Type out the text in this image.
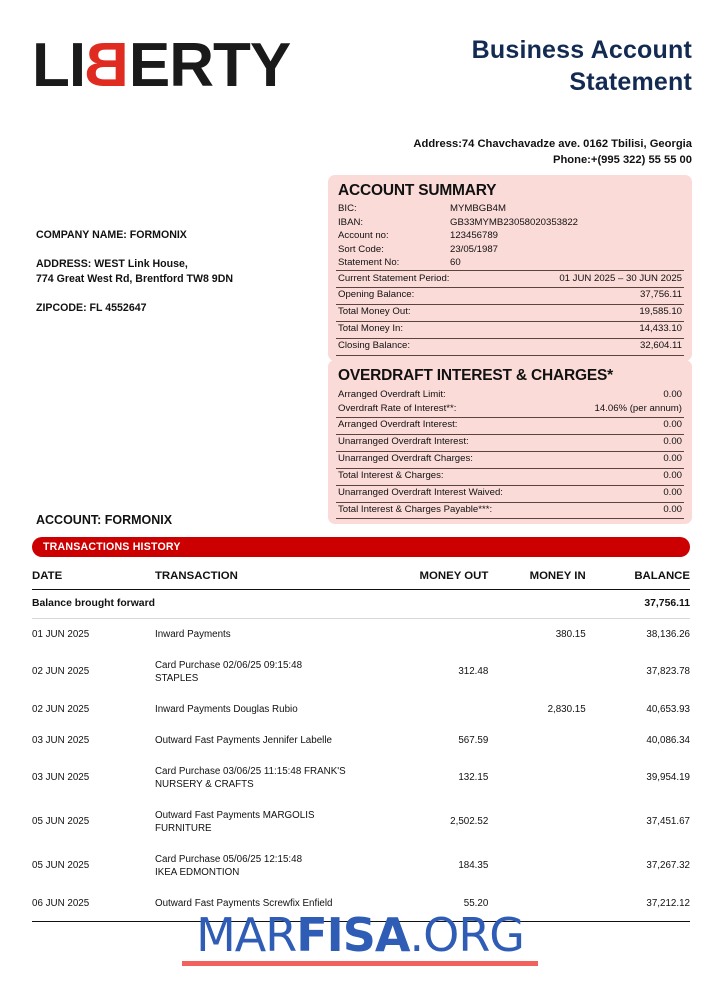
LIBERTY	Business Account
Statement
Address:74 Chavchavadze ave. 0162 Tbilisi, Georgia
Phone:+(995 322) 55 55 00
COMPANY NAME: FORMONIX
ADDRESS: WEST Link House,
774 Great West Rd, Brentford TW8 9DN
ZIPCODE: FL 4552647
ACCOUNT SUMMARY
BIC:	MYMBGB4M
IBAN:	GB33MYMB23058020353822
Account no:	123456789
Sort Code:	23/05/1987
Statement No:	60
Current Statement Period:	01 JUN 2025 – 30 JUN 2025
Opening Balance:	37,756.11
Total Money Out:	19,585.10
Total Money In:	14,433.10
Closing Balance:	32,604.11
OVERDRAFT INTEREST & CHARGES*
Arranged Overdraft Limit:	0.00
Overdraft Rate of Interest**:	14.06% (per annum)
Arranged Overdraft Interest:	0.00
Unarranged Overdraft Interest:	0.00
Unarranged Overdraft Charges:	0.00
Total Interest & Charges:	0.00
Unarranged Overdraft Interest Waived:	0.00
Total Interest & Charges Payable***:	0.00
ACCOUNT: FORMONIX
TRANSACTIONS HISTORY
DATE	TRANSACTION	MONEY OUT	MONEY IN	BALANCE
Balance brought forward				37,756.11
01 JUN 2025	Inward Payments		380.15	38,136.26
02 JUN 2025	Card Purchase 02/06/25 09:15:48
STAPLES	312.48		37,823.78
02 JUN 2025	Inward Payments Douglas Rubio		2,830.15	40,653.93
03 JUN 2025	Outward Fast Payments Jennifer Labelle	567.59		40,086.34
03 JUN 2025	Card Purchase 03/06/25 11:15:48 FRANK'S
NURSERY & CRAFTS	132.15		39,954.19
05 JUN 2025	Outward Fast Payments MARGOLIS
FURNITURE	2,502.52		37,451.67
05 JUN 2025	Card Purchase 05/06/25 12:15:48
IKEA EDMONTION	184.35		37,267.32
06 JUN 2025	Outward Fast Payments Screwfix Enfield	55.20		37,212.12
MARFISA.ORG
